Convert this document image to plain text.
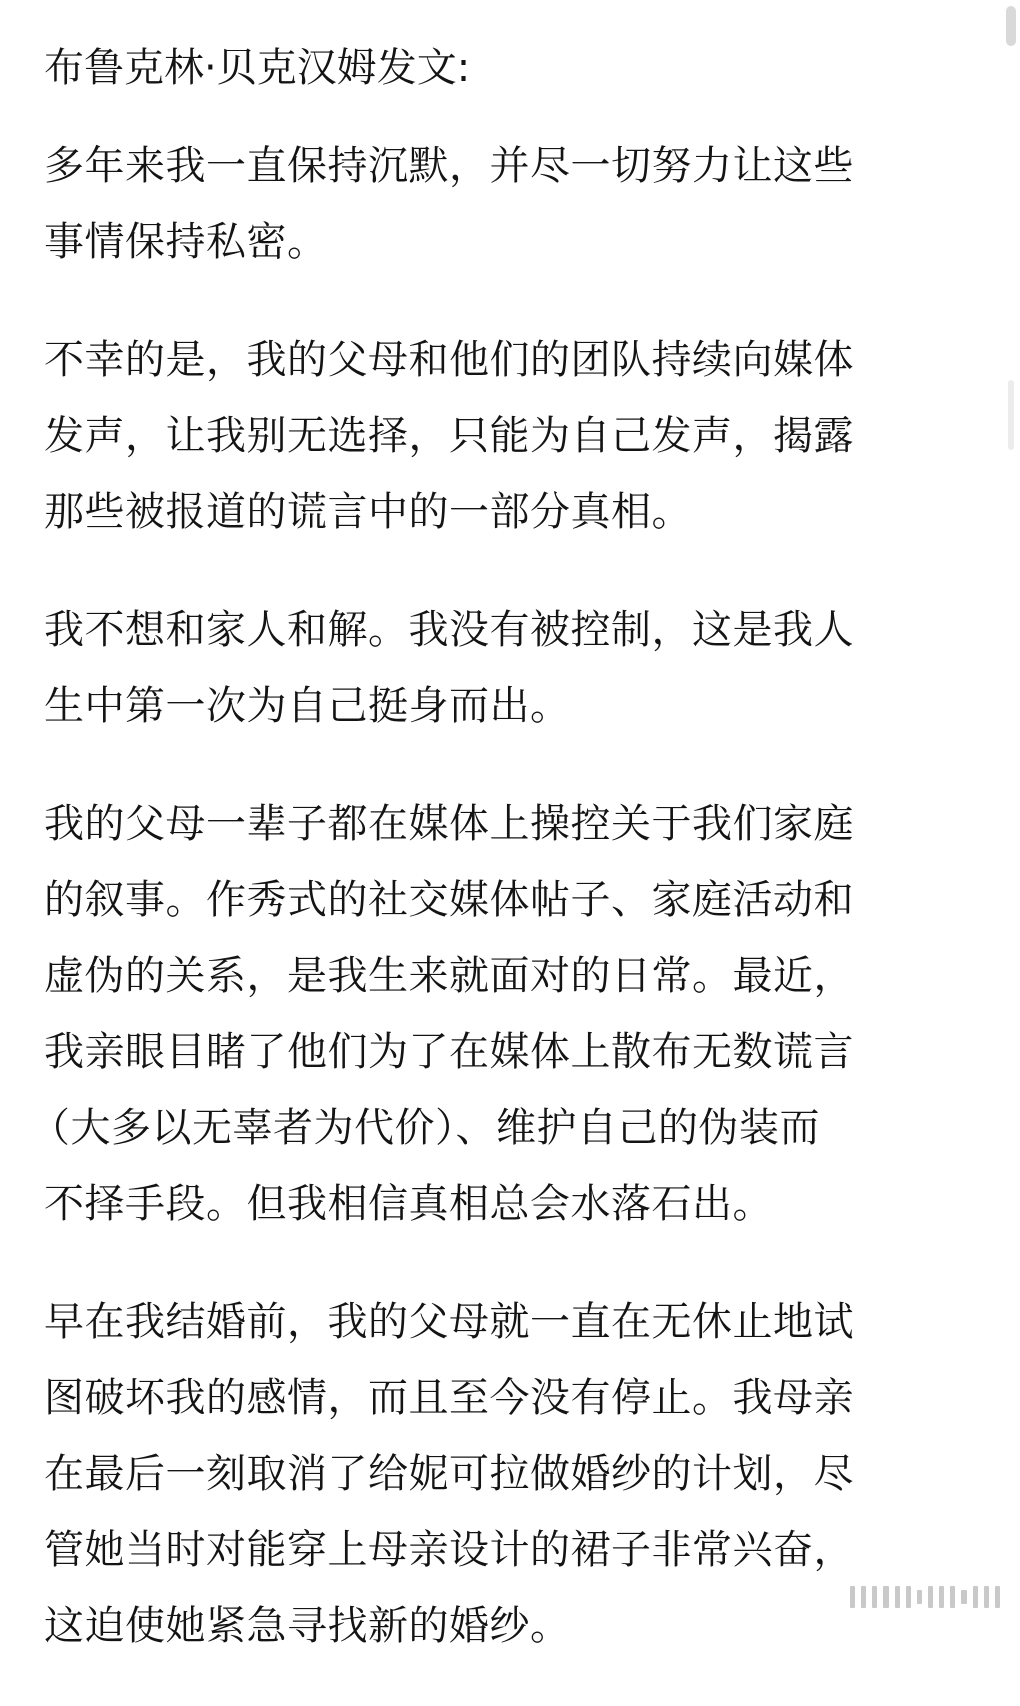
布鲁克林·贝克汉姆发文:
多年来我一直保持沉默，并尽一切努力让这些
事情保持私密。
不幸的是，我的父母和他们的团队持续向媒体
发声，让我别无选择，只能为自己发声，揭露
那些被报道的谎言中的一部分真相。
我不想和家人和解。我没有被控制，这是我人
生中第一次为自己挺身而出。
我的父母一辈子都在媒体上操控关于我们家庭
的叙事。作秀式的社交媒体帖子、家庭活动和
虚伪的关系，是我生来就面对的日常。最近，
我亲眼目睹了他们为了在媒体上散布无数谎言
（大多以无辜者为代价）、维护自己的伪装而
不择手段。但我相信真相总会水落石出。
早在我结婚前，我的父母就一直在无休止地试
图破坏我的感情，而且至今没有停止。我母亲
在最后一刻取消了给妮可拉做婚纱的计划，尽
管她当时对能穿上母亲设计的裙子非常兴奋，
这迫使她紧急寻找新的婚纱。
